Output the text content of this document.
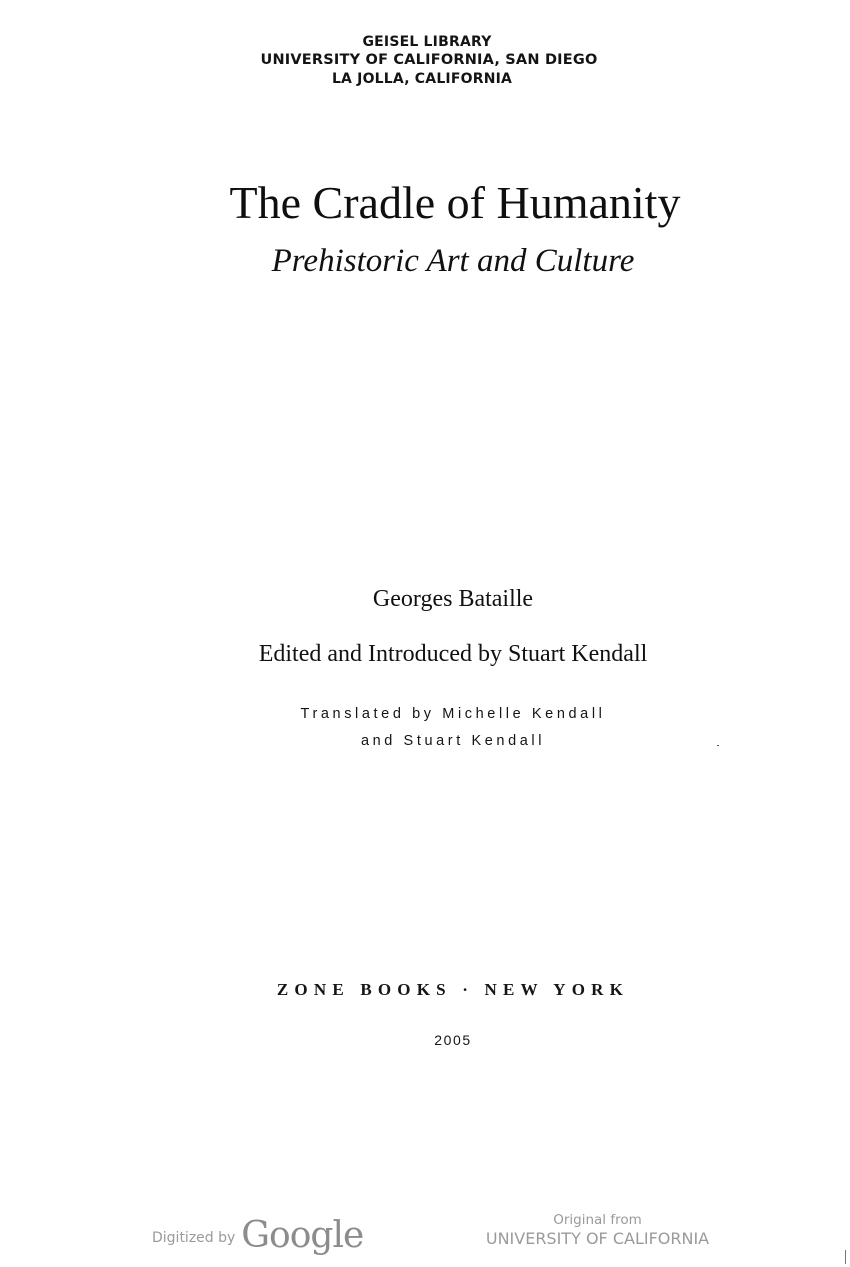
GEISEL LIBRARY
UNIVERSITY OF CALIFORNIA, SAN DIEGO
LA JOLLA, CALIFORNIA
The Cradle of Humanity
Prehistoric Art and Culture
Georges Bataille
Edited and Introduced by Stuart Kendall
Translated by Michelle Kendall
and Stuart Kendall
ZONE BOOKS · NEW YORK
2005
Digitized by Google	Original from
UNIVERSITY OF CALIFORNIA
